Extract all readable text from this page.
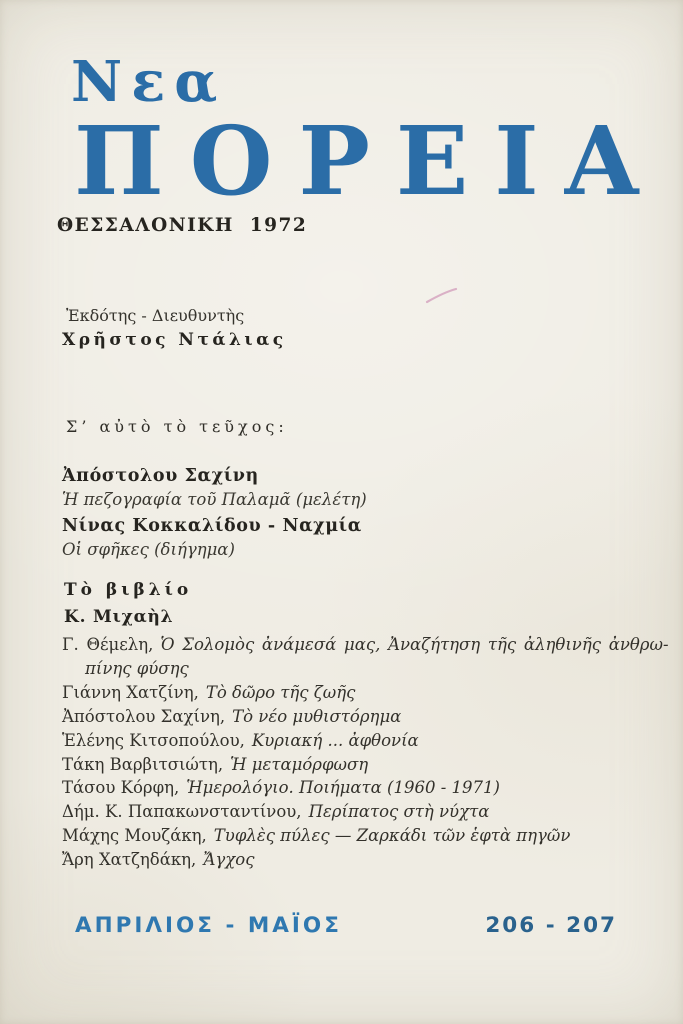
Νεα
ΠΟΡΕΙΑ
ΘΕΣΣΑΛΟΝΙΚΗ  1972
Ἐκδότης - Διευθυντὴς
Χρῆστος Ντάλιας
Σ’ αὐτὸ τὸ τεῦχος:
Ἀπόστολου Σαχίνη
Ἡ πεζογραφία τοῦ Παλαμᾶ (μελέτη)
Νίνας Κοκκαλίδου - Ναχμία
Οἱ σφῆκες (διήγημα)
Τὸ βιβλίο
Κ. Μιχαὴλ
Γ. Θέμελη, Ὁ Σολομὸς ἀνάμεσά μας, Ἀναζήτηση τῆς ἀληθινῆς ἀνθρω-
πίνης φύσης
Γιάννη Χατζίνη, Τὸ δῶρο τῆς ζωῆς
Ἀπόστολου Σαχίνη, Τὸ νέο μυθιστόρημα
Ἑλένης Κιτσοπούλου, Κυριακή ... ἀφθονία
Τάκη Βαρβιτσιώτη, Ἡ μεταμόρφωση
Τάσου Κόρφη, Ἡμερολόγιο. Ποιήματα (1960 - 1971)
Δήμ. Κ. Παπακωνσταντίνου, Περίπατος στὴ νύχτα
Μάχης Μουζάκη, Τυφλὲς πύλες — Ζαρκάδι τῶν ἑφτὰ πηγῶν
Ἄρη Χατζηδάκη, Ἄγχος
ΑΠΡΙΛΙΟΣ - ΜΑΪΟΣ	206 - 207
